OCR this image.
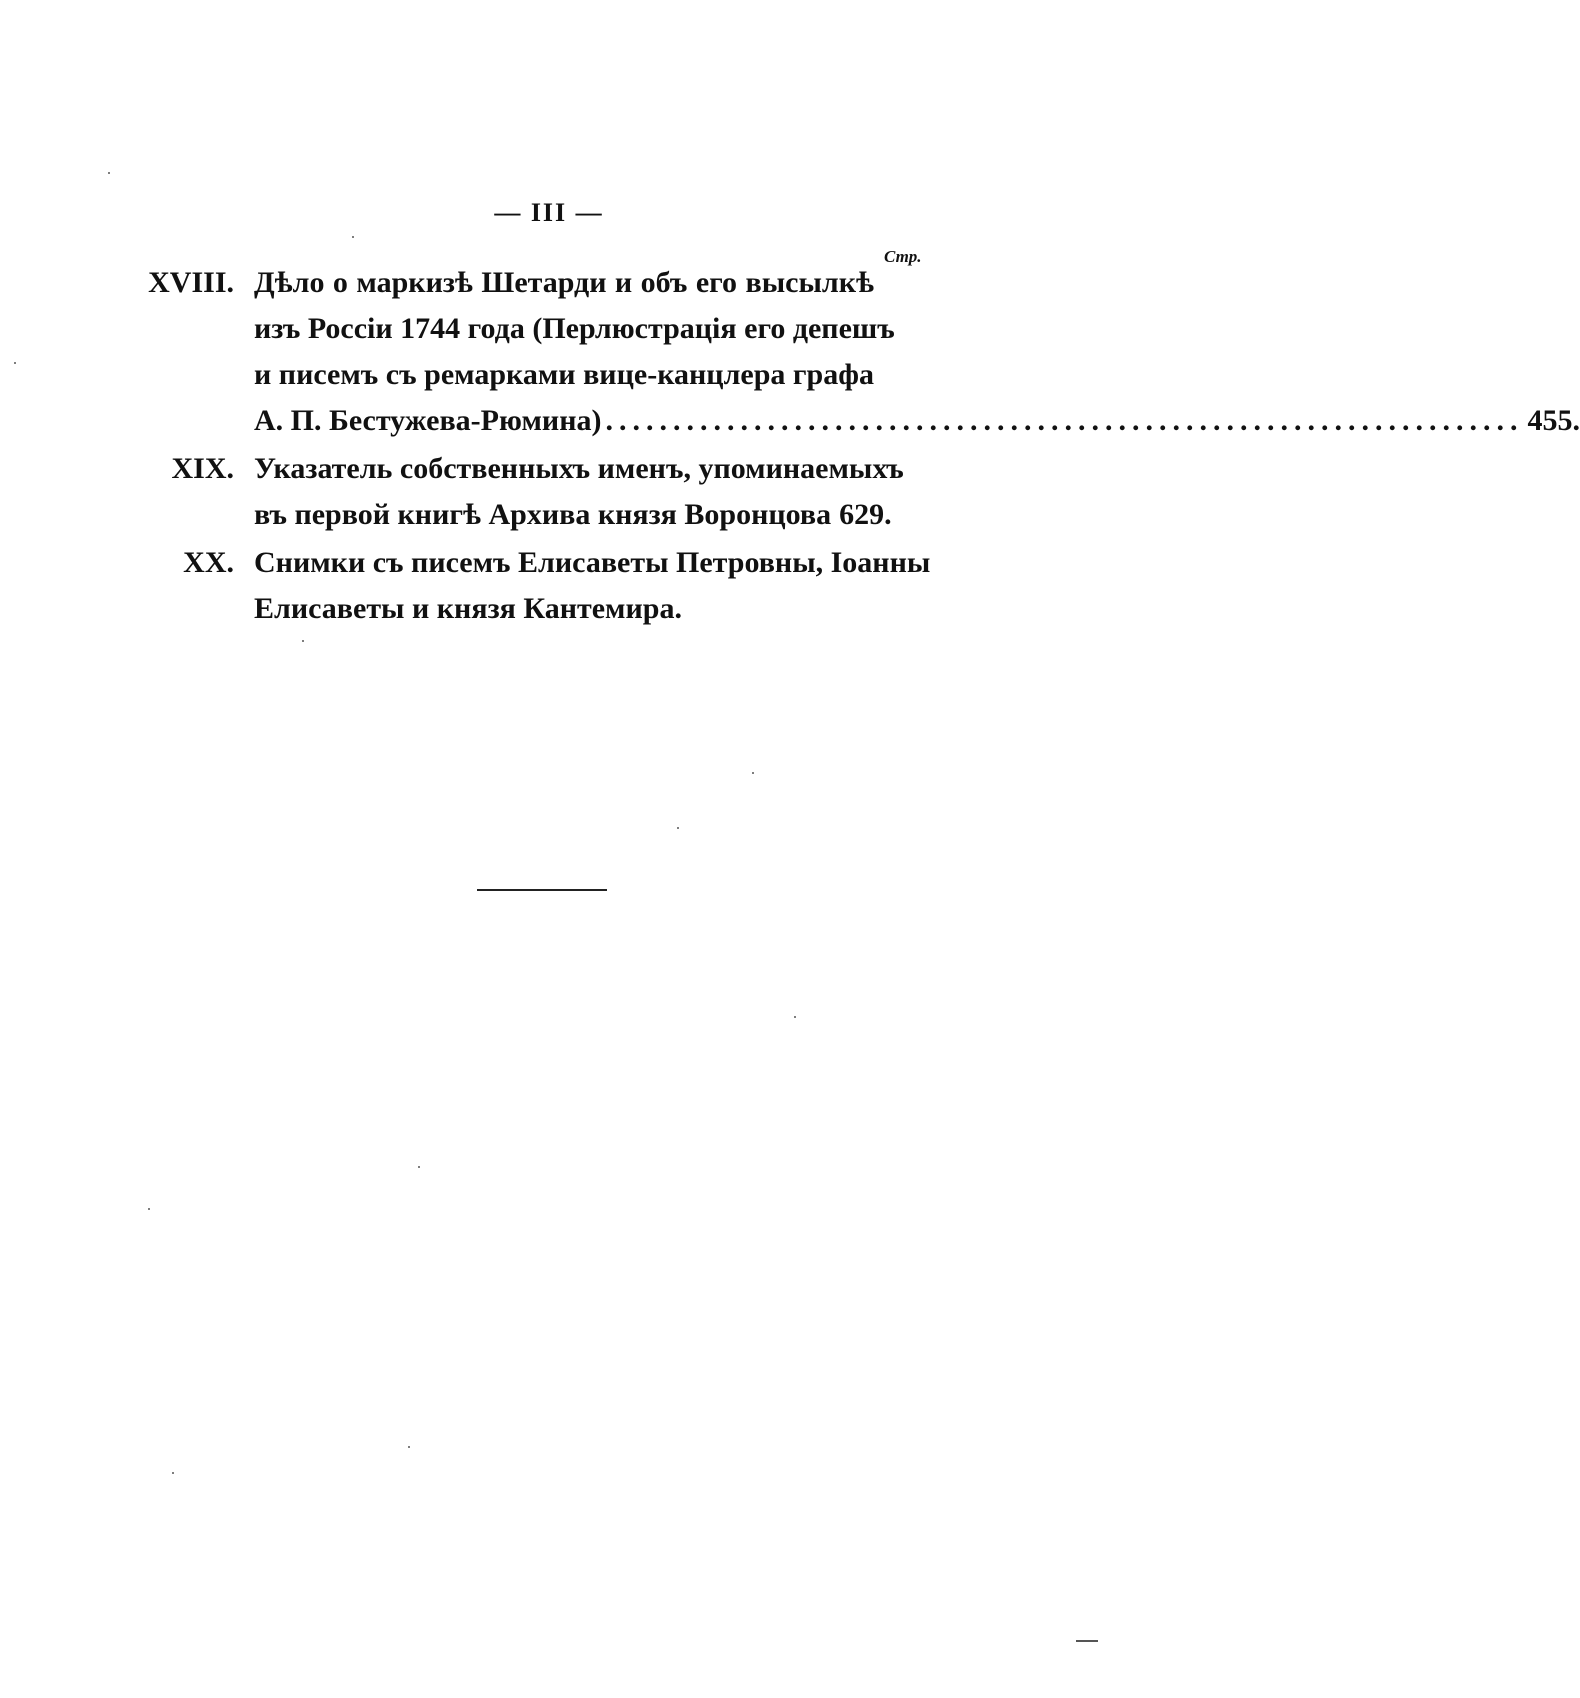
— III —
Стр.
XVIII. Дѣло о маркизѣ Шетарди и объ его высылкѣ
изъ Россіи 1744 года (Перлюстрація его депешъ
и писемъ съ ремарками вице-канцлера графа
А. П. Бестужева-Рюмина) .................................................................... 455.
XIX. Указатель собственныхъ именъ, упоминаемыхъ
въ первой книгѣ Архива князя Воронцова 629.
XX. Снимки съ писемъ Елисаветы Петровны, Іоанны
Елисаветы и князя Кантемира.
